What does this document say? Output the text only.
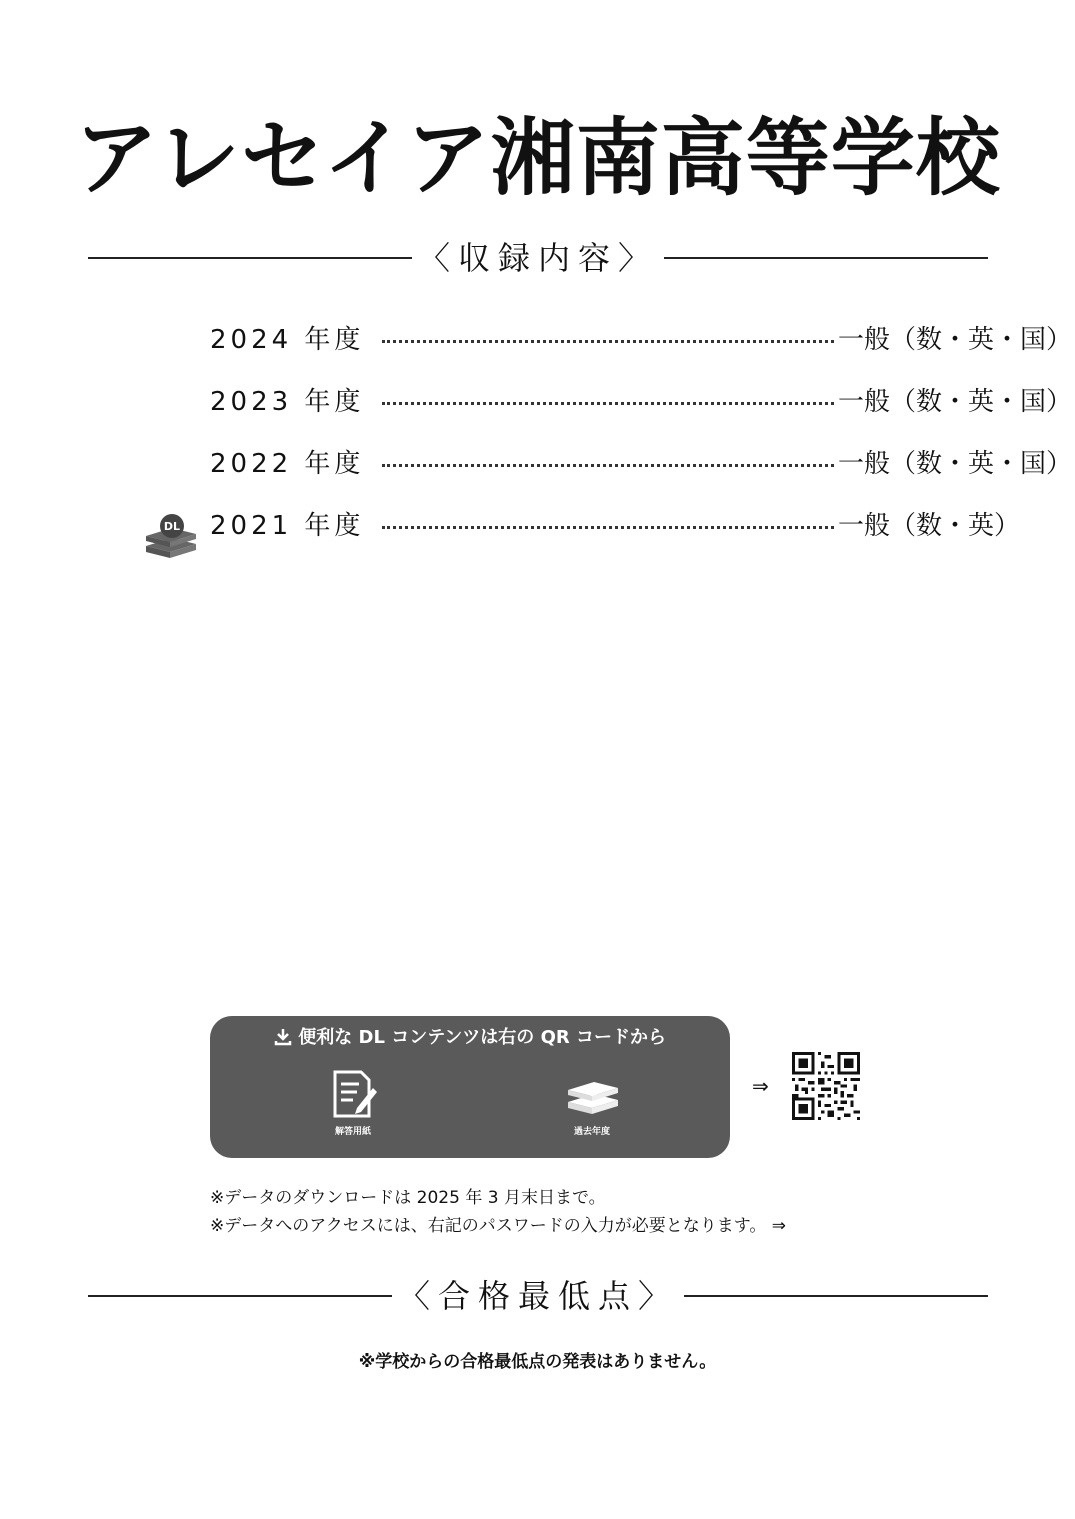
アレセイア湘南高等学校
〈収録内容〉
2024 年度	一般（数・英・国）
2023 年度	一般（数・英・国）
2022 年度	一般（数・英・国）
2021 年度	一般（数・英）
DL
便利な DL コンテンツは右の QR コードから
解答用紙	過去年度
⇒
※データのダウンロードは 2025 年 3 月末日まで。
※データへのアクセスには、右記のパスワードの入力が必要となります。 ⇒
〈合格最低点〉
※学校からの合格最低点の発表はありません。
